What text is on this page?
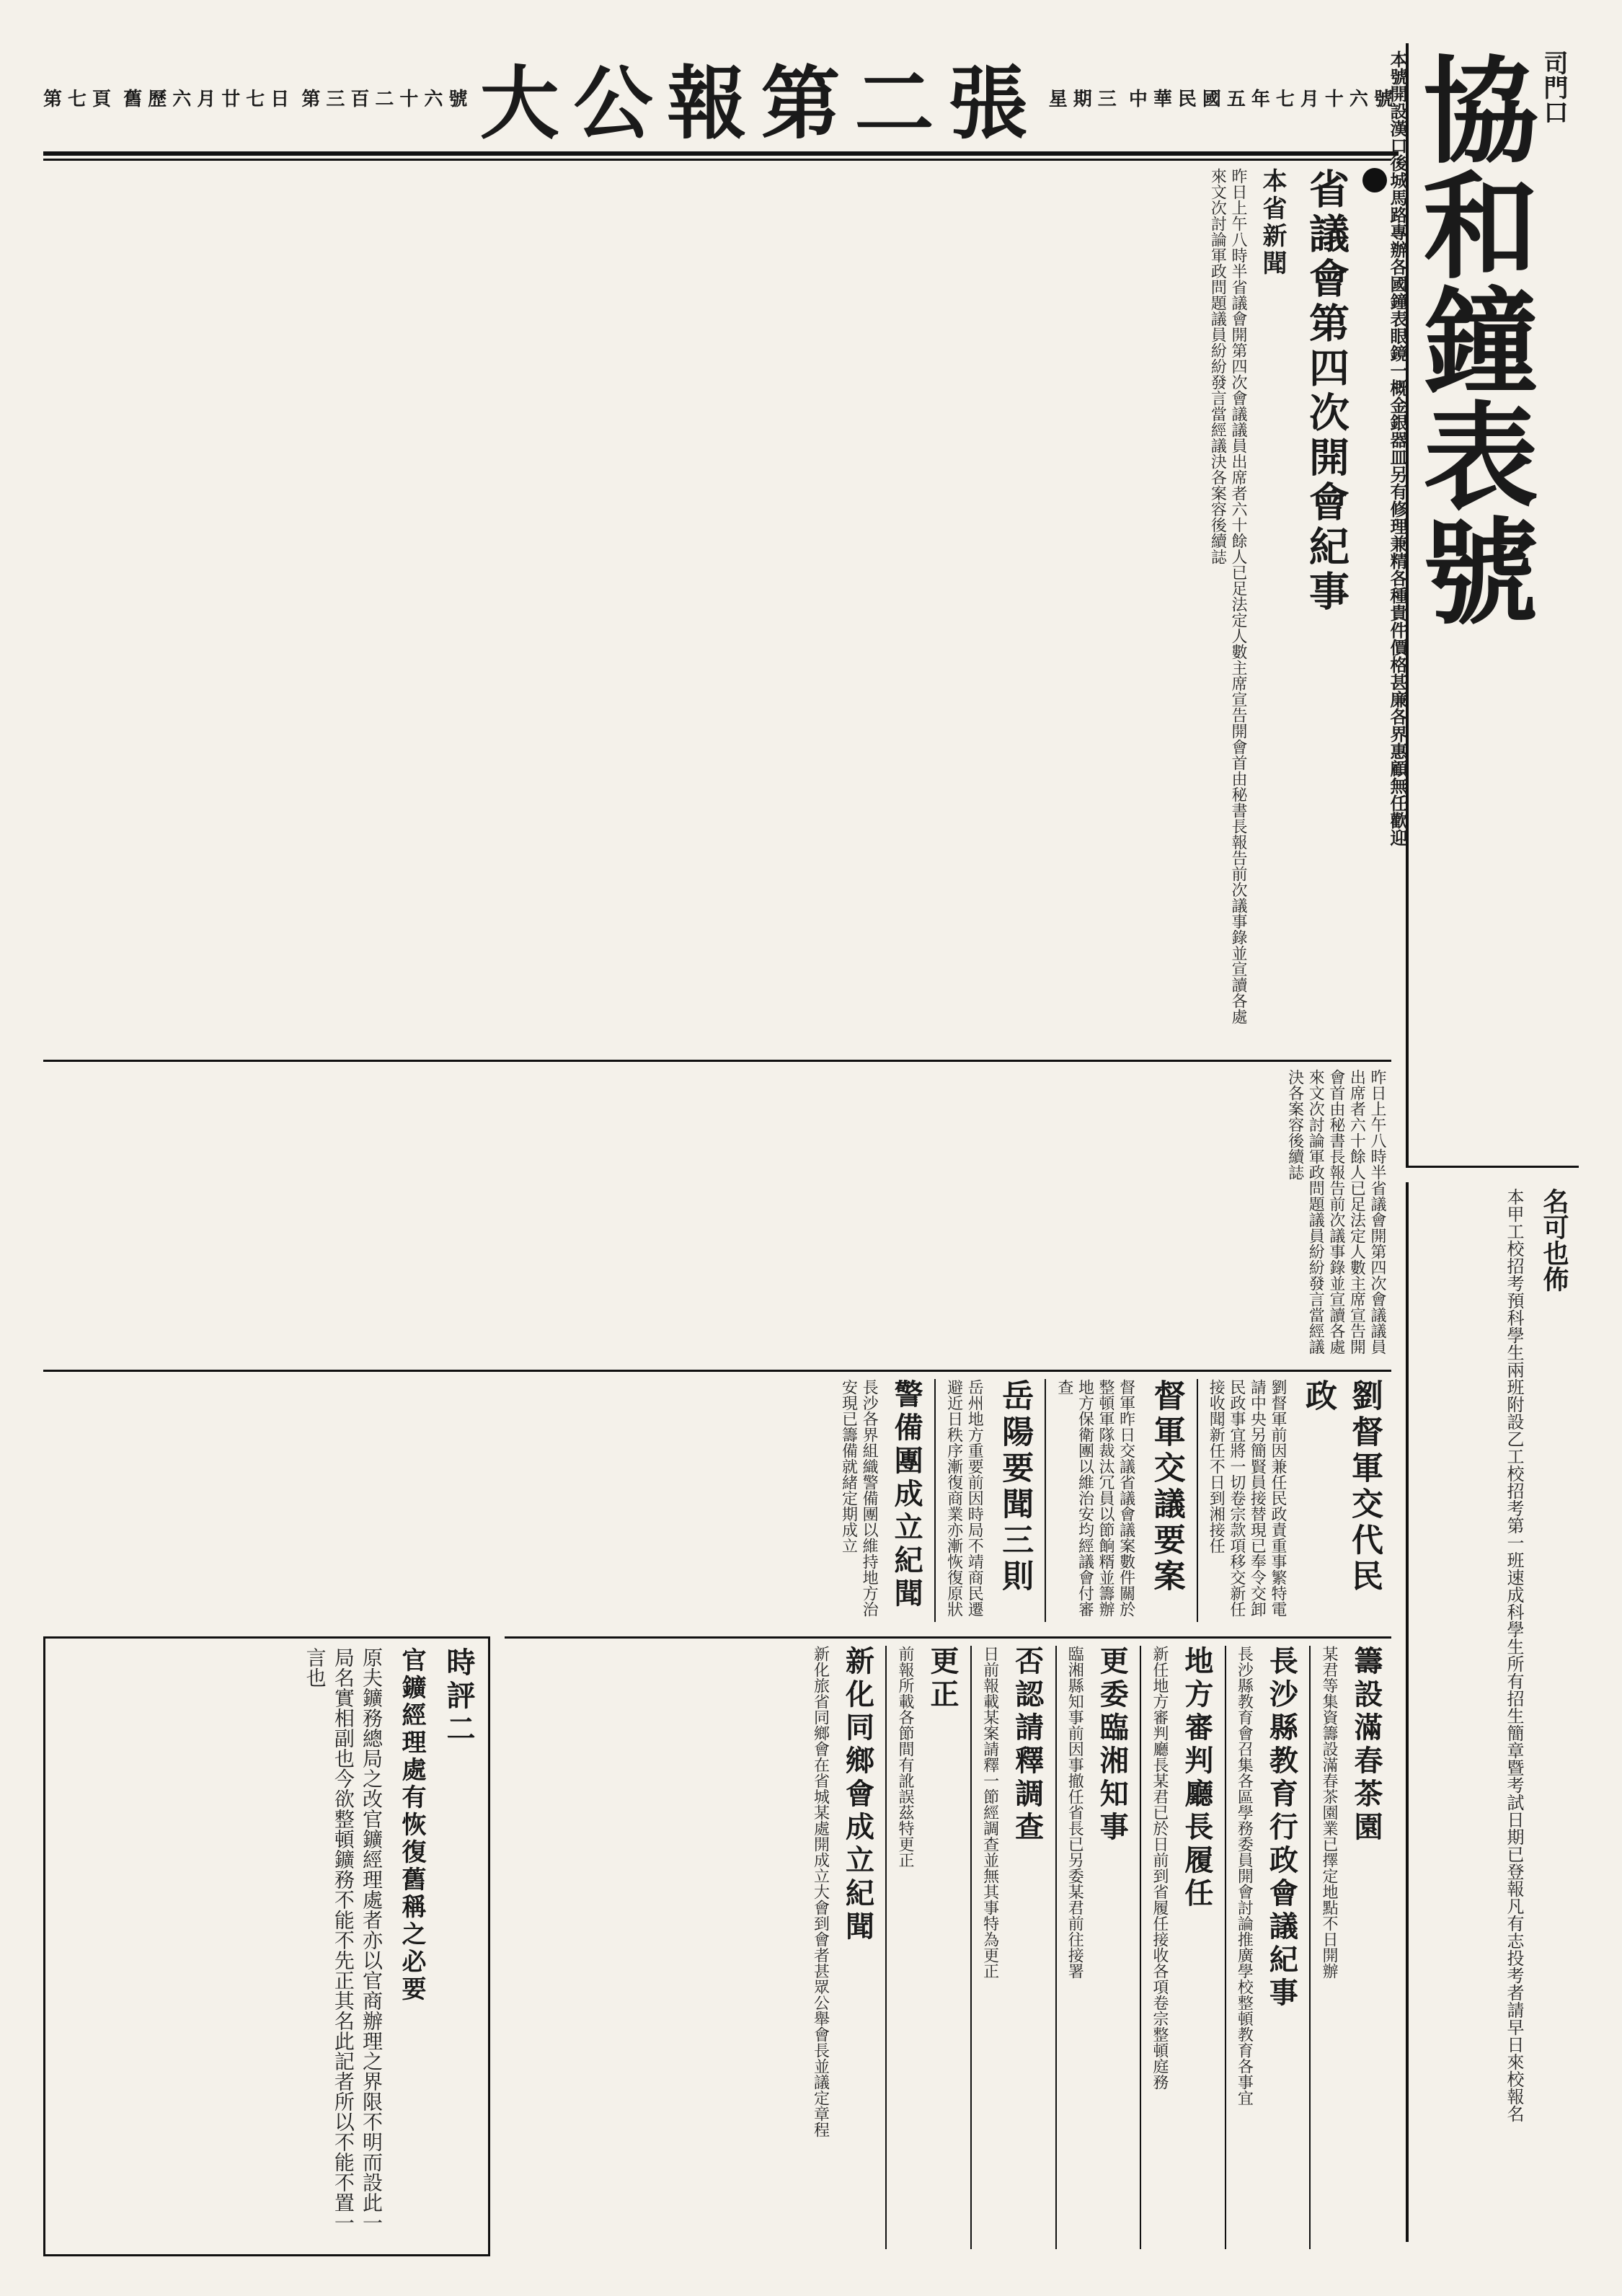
第七頁 舊歷六月廿七日 第三百二十六號 大公報第二張 星期三 中華民國五年七月十六號	司門口
協和鐘表號
本號開設漢口後城馬路專辦各國鐘表眼鏡一概金銀器皿另有修理兼精各種貴件價格甚廉各界惠顧無任歡迎
名可也佈
本甲工校招考預科學生兩班附設乙工校招考第一班速成科學生所有招生簡章暨考試日期已登報凡有志投考者請早日來校報名
省議會第四次開會紀事
本省新聞
昨日上午八時半省議會開第四次會議議員出席者六十餘人已足法定人數主席宣告開會首由秘書長報告前次議事錄並宣讀各處來文次討論軍政問題議員紛紛發言當經議決各案容後續誌
昨日上午八時半省議會開第四次會議議員出席者六十餘人已足法定人數主席宣告開會首由秘書長報告前次議事錄並宣讀各處來文次討論軍政問題議員紛紛發言當經議決各案容後續誌
劉督軍交代民政
劉督軍前因兼任民政責重事繁特電請中央另簡賢員接替現已奉令交卸民政事宜將一切卷宗款項移交新任接收聞新任不日到湘接任
督軍交議要案
督軍昨日交議省議會議案數件關於整頓軍隊裁汰冗員以節餉糈並籌辦地方保衛團以維治安均經議會付審查
岳陽要聞三則
岳州地方重要前因時局不靖商民遷避近日秩序漸復商業亦漸恢復原狀
警備團成立紀聞
長沙各界組織警備團以維持地方治安現已籌備就緒定期成立
籌設滿春茶園
某君等集資籌設滿春茶園業已擇定地點不日開辦
長沙縣教育行政會議紀事
長沙縣教育會召集各區學務委員開會討論推廣學校整頓教育各事宜
地方審判廳長履任
新任地方審判廳長某君已於日前到省履任接收各項卷宗整頓庭務
更委臨湘知事
臨湘縣知事前因事撤任省長已另委某君前往接署
否認請釋調查
日前報載某案請釋一節經調查並無其事特為更正
更正
前報所載各節間有訛誤茲特更正
新化同鄉會成立紀聞
新化旅省同鄉會在省城某處開成立大會到會者甚眾公舉會長並議定章程
時評二
官鑛經理處有恢復舊稱之必要
原夫鑛務總局之改官鑛經理處者亦以官商辦理之界限不明而設此一局名實相副也今欲整頓鑛務不能不先正其名此記者所以不能不置一言也
